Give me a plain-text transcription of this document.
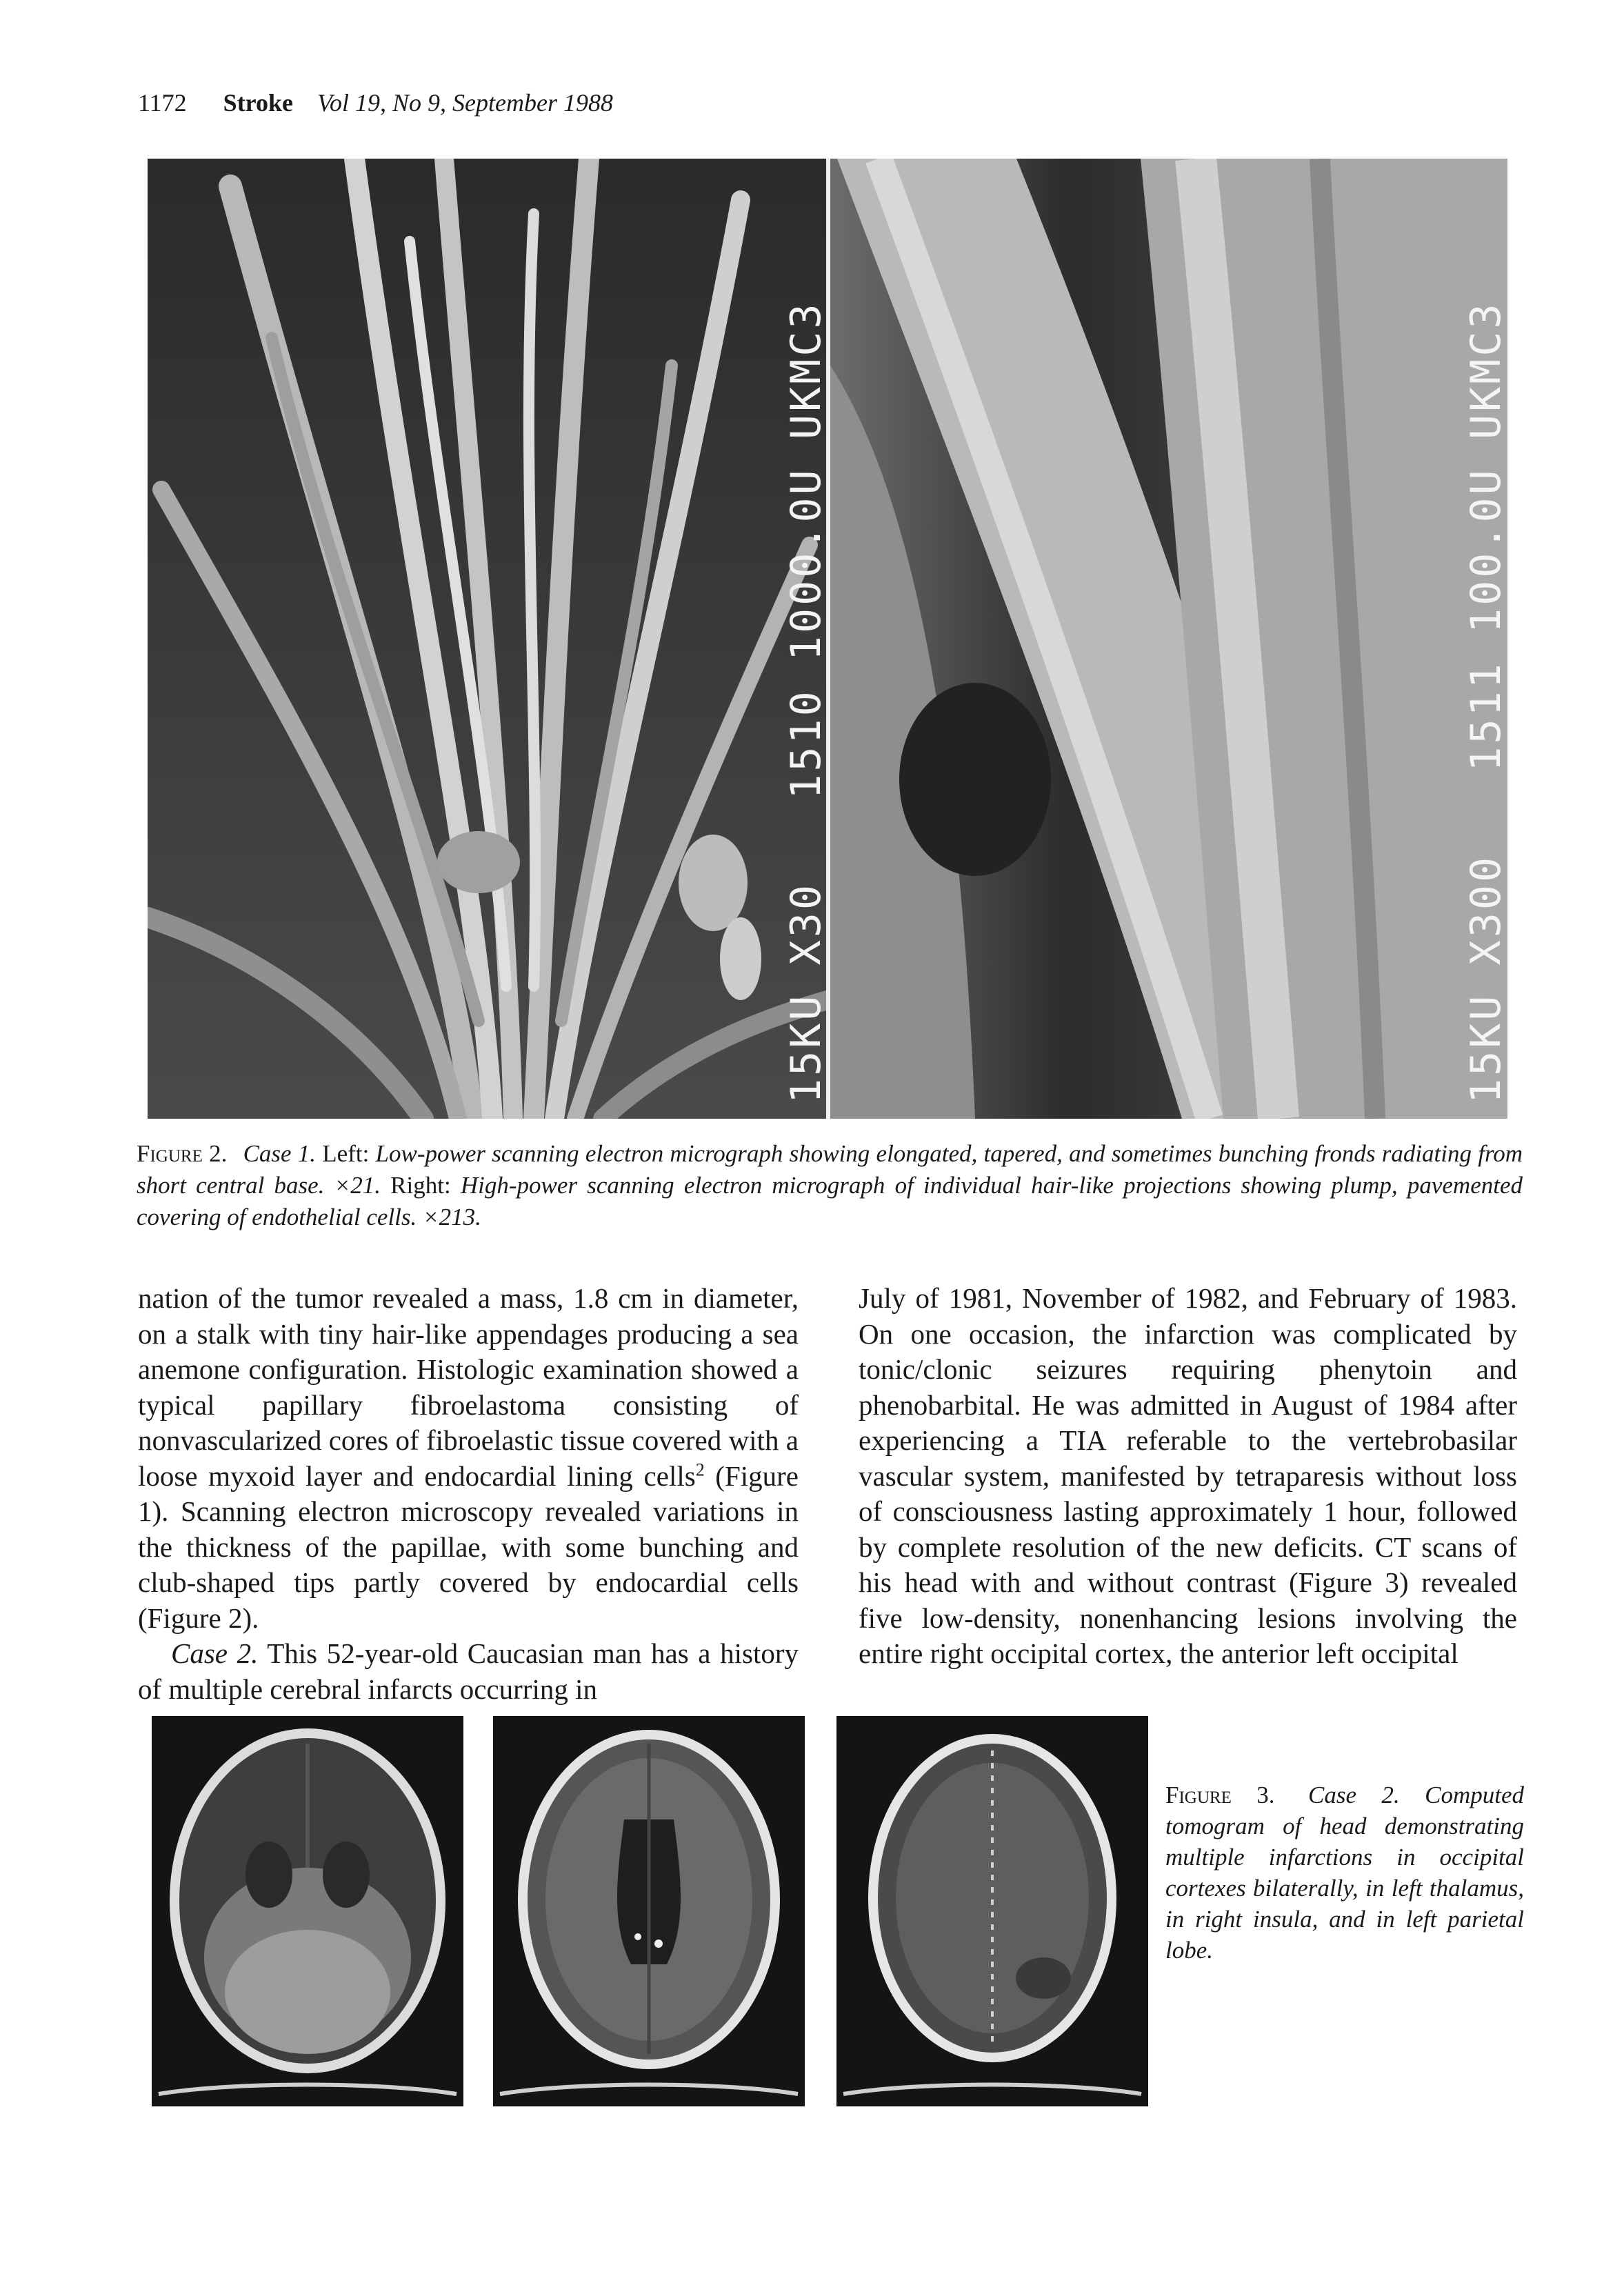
1172 Stroke Vol 19, No 9, September 1988
15KU X30  1510 1000.0U UKMC3
15KU X300  1511 100.0U UKMC3
Figure 2. Case 1. Left: Low-power scanning electron micrograph showing elongated, tapered, and sometimes bunching fronds radiating from short central base. ×21. Right: High-power scanning electron micrograph of individual hair-like projections showing plump, pavemented covering of endothelial cells. ×213.

nation of the tumor revealed a mass, 1.8 cm in diameter, on a stalk with tiny hair-like appendages producing a sea anemone configuration. Histologic examination showed a typical papillary fibroelastoma consisting of nonvascularized cores of fibroelastic tissue covered with a loose myxoid layer and endocardial lining cells$^2$ (Figure 1). Scanning electron microscopy revealed variations in the thickness of the papillae, with some bunching and club-shaped tips partly covered by endocardial cells (Figure 2).

Case 2. This 52-year-old Caucasian man has a history of multiple cerebral infarcts occurring in

July of 1981, November of 1982, and February of 1983. On one occasion, the infarction was complicated by tonic/clonic seizures requiring phenytoin and phenobarbital. He was admitted in August of 1984 after experiencing a TIA referable to the vertebrobasilar vascular system, manifested by tetraparesis without loss of consciousness lasting approximately 1 hour, followed by complete resolution of the new deficits. CT scans of his head with and without contrast (Figure 3) revealed five low-density, nonenhancing lesions involving the entire right occipital cortex, the anterior left occipital

Figure 3. Case 2. Computed tomogram of head demonstrating multiple infarctions in occipital cortexes bilaterally, in left thalamus, in right insula, and in left parietal lobe.
